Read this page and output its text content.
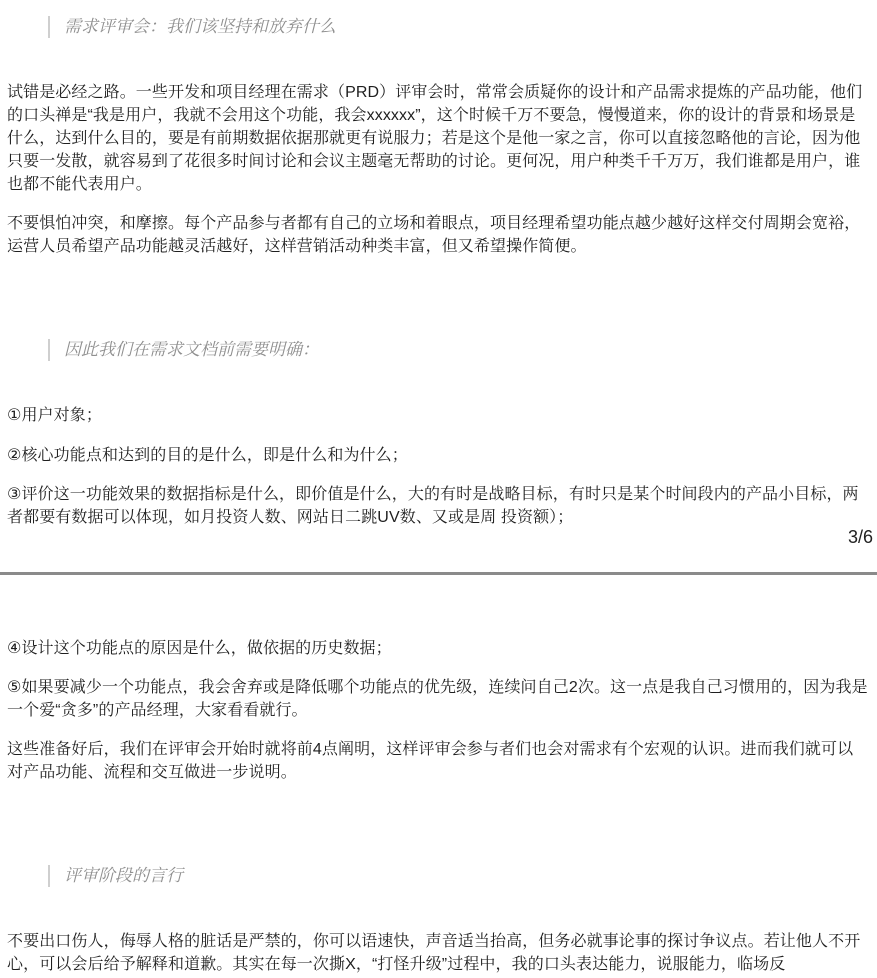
需求评审会：我们该坚持和放弃什么

试错是必经之路。一些开发和项目经理在需求（PRD）评审会时，常常会质疑你的设计和产品需求提炼的产品功能，他们的口头禅是“我是用户，我就不会用这个功能，我会xxxxxx”，这个时候千万不要急，慢慢道来，你的设计的背景和场景是什么，达到什么目的，要是有前期数据依据那就更有说服力；若是这个是他一家之言，你可以直接忽略他的言论，因为他只要一发散，就容易到了花很多时间讨论和会议主题毫无帮助的讨论。更何况，用户种类千千万万，我们谁都是用户，谁也都不能代表用户。

不要惧怕冲突，和摩擦。每个产品参与者都有自己的立场和着眼点，项目经理希望功能点越少越好这样交付周期会宽裕，运营人员希望产品功能越灵活越好，这样营销活动种类丰富，但又希望操作简便。

因此我们在需求文档前需要明确：

①用户对象；

②核心功能点和达到的目的是什么，即是什么和为什么；

③评价这一功能效果的数据指标是什么，即价值是什么，大的有时是战略目标，有时只是某个时间段内的产品小目标，两者都要有数据可以体现，如月投资人数、网站日二跳UV数、又或是周 投资额）；

3/6

④设计这个功能点的原因是什么，做依据的历史数据；

⑤如果要减少一个功能点，我会舍弃或是降低哪个功能点的优先级，连续问自己2次。这一点是我自己习惯用的，因为我是一个爱“贪多”的产品经理，大家看看就行。

这些准备好后，我们在评审会开始时就将前4点阐明，这样评审会参与者们也会对需求有个宏观的认识。进而我们就可以对产品功能、流程和交互做进一步说明。

评审阶段的言行

不要出口伤人，侮辱人格的脏话是严禁的，你可以语速快，声音适当抬高，但务必就事论事的探讨争议点。若让他人不开心，可以会后给予解释和道歉。其实在每一次撕X，“打怪升级”过程中，我的口头表达能力，说服能力，临场反
